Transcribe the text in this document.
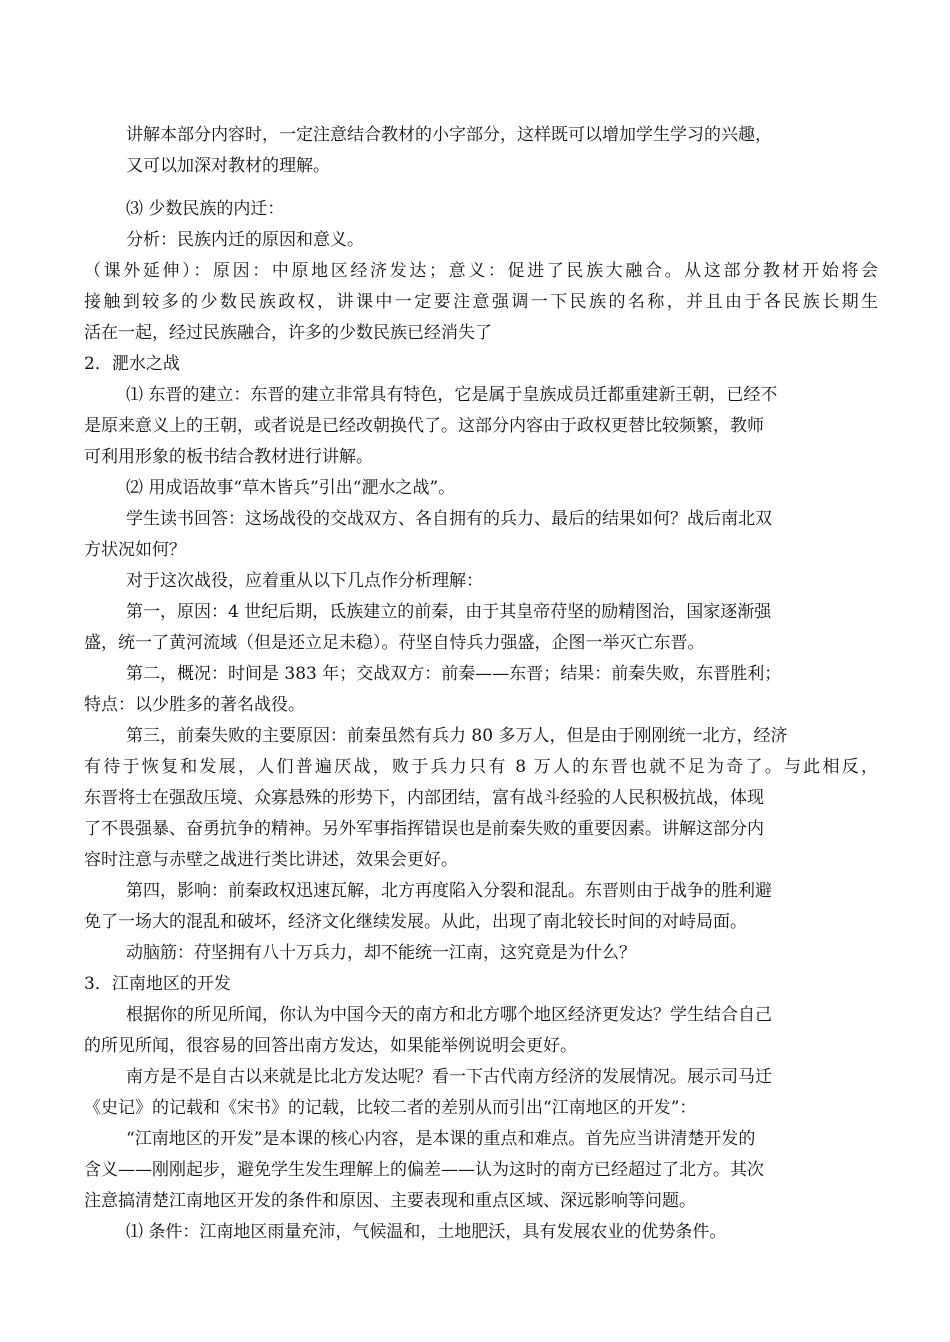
讲解本部分内容时，一定注意结合教材的小字部分，这样既可以增加学生学习的兴趣，
又可以加深对教材的理解。
⑶ 少数民族的内迁：
分析：民族内迁的原因和意义。
（课外延伸）：原因：中原地区经济发达；意义：促进了民族大融合。从这部分教材开始将会
接触到较多的少数民族政权，讲课中一定要注意强调一下民族的名称，并且由于各民族长期生
活在一起，经过民族融合，许多的少数民族已经消失了
2．淝水之战
⑴ 东晋的建立：东晋的建立非常具有特色，它是属于皇族成员迁都重建新王朝，已经不
是原来意义上的王朝，或者说是已经改朝换代了。这部分内容由于政权更替比较频繁，教师
可利用形象的板书结合教材进行讲解。
⑵ 用成语故事“草木皆兵”引出“淝水之战”。
学生读书回答：这场战役的交战双方、各自拥有的兵力、最后的结果如何？战后南北双
方状况如何？
对于这次战役，应着重从以下几点作分析理解：
第一，原因：4 世纪后期，氐族建立的前秦，由于其皇帝苻坚的励精图治，国家逐渐强
盛，统一了黄河流域（但是还立足未稳）。苻坚自恃兵力强盛，企图一举灭亡东晋。
第二，概况：时间是 383 年；交战双方：前秦——东晋；结果：前秦失败，东晋胜利；
特点：以少胜多的著名战役。
第三，前秦失败的主要原因：前秦虽然有兵力 80 多万人，但是由于刚刚统一北方，经济
有待于恢复和发展，人们普遍厌战，败于兵力只有 8 万人的东晋也就不足为奇了。与此相反，
东晋将士在强敌压境、众寡悬殊的形势下，内部团结，富有战斗经验的人民积极抗战，体现
了不畏强暴、奋勇抗争的精神。另外军事指挥错误也是前秦失败的重要因素。讲解这部分内
容时注意与赤壁之战进行类比讲述，效果会更好。
第四，影响：前秦政权迅速瓦解，北方再度陷入分裂和混乱。东晋则由于战争的胜利避
免了一场大的混乱和破坏，经济文化继续发展。从此，出现了南北较长时间的对峙局面。
动脑筋：苻坚拥有八十万兵力，却不能统一江南，这究竟是为什么？
3．江南地区的开发
根据你的所见所闻，你认为中国今天的南方和北方哪个地区经济更发达？学生结合自己
的所见所闻，很容易的回答出南方发达，如果能举例说明会更好。
南方是不是自古以来就是比北方发达呢？看一下古代南方经济的发展情况。展示司马迁
《史记》的记载和《宋书》的记载，比较二者的差别从而引出“江南地区的开发”：
“江南地区的开发”是本课的核心内容，是本课的重点和难点。首先应当讲清楚开发的
含义——刚刚起步，避免学生发生理解上的偏差——认为这时的南方已经超过了北方。其次
注意搞清楚江南地区开发的条件和原因、主要表现和重点区域、深远影响等问题。
⑴ 条件：江南地区雨量充沛，气候温和，土地肥沃，具有发展农业的优势条件。
